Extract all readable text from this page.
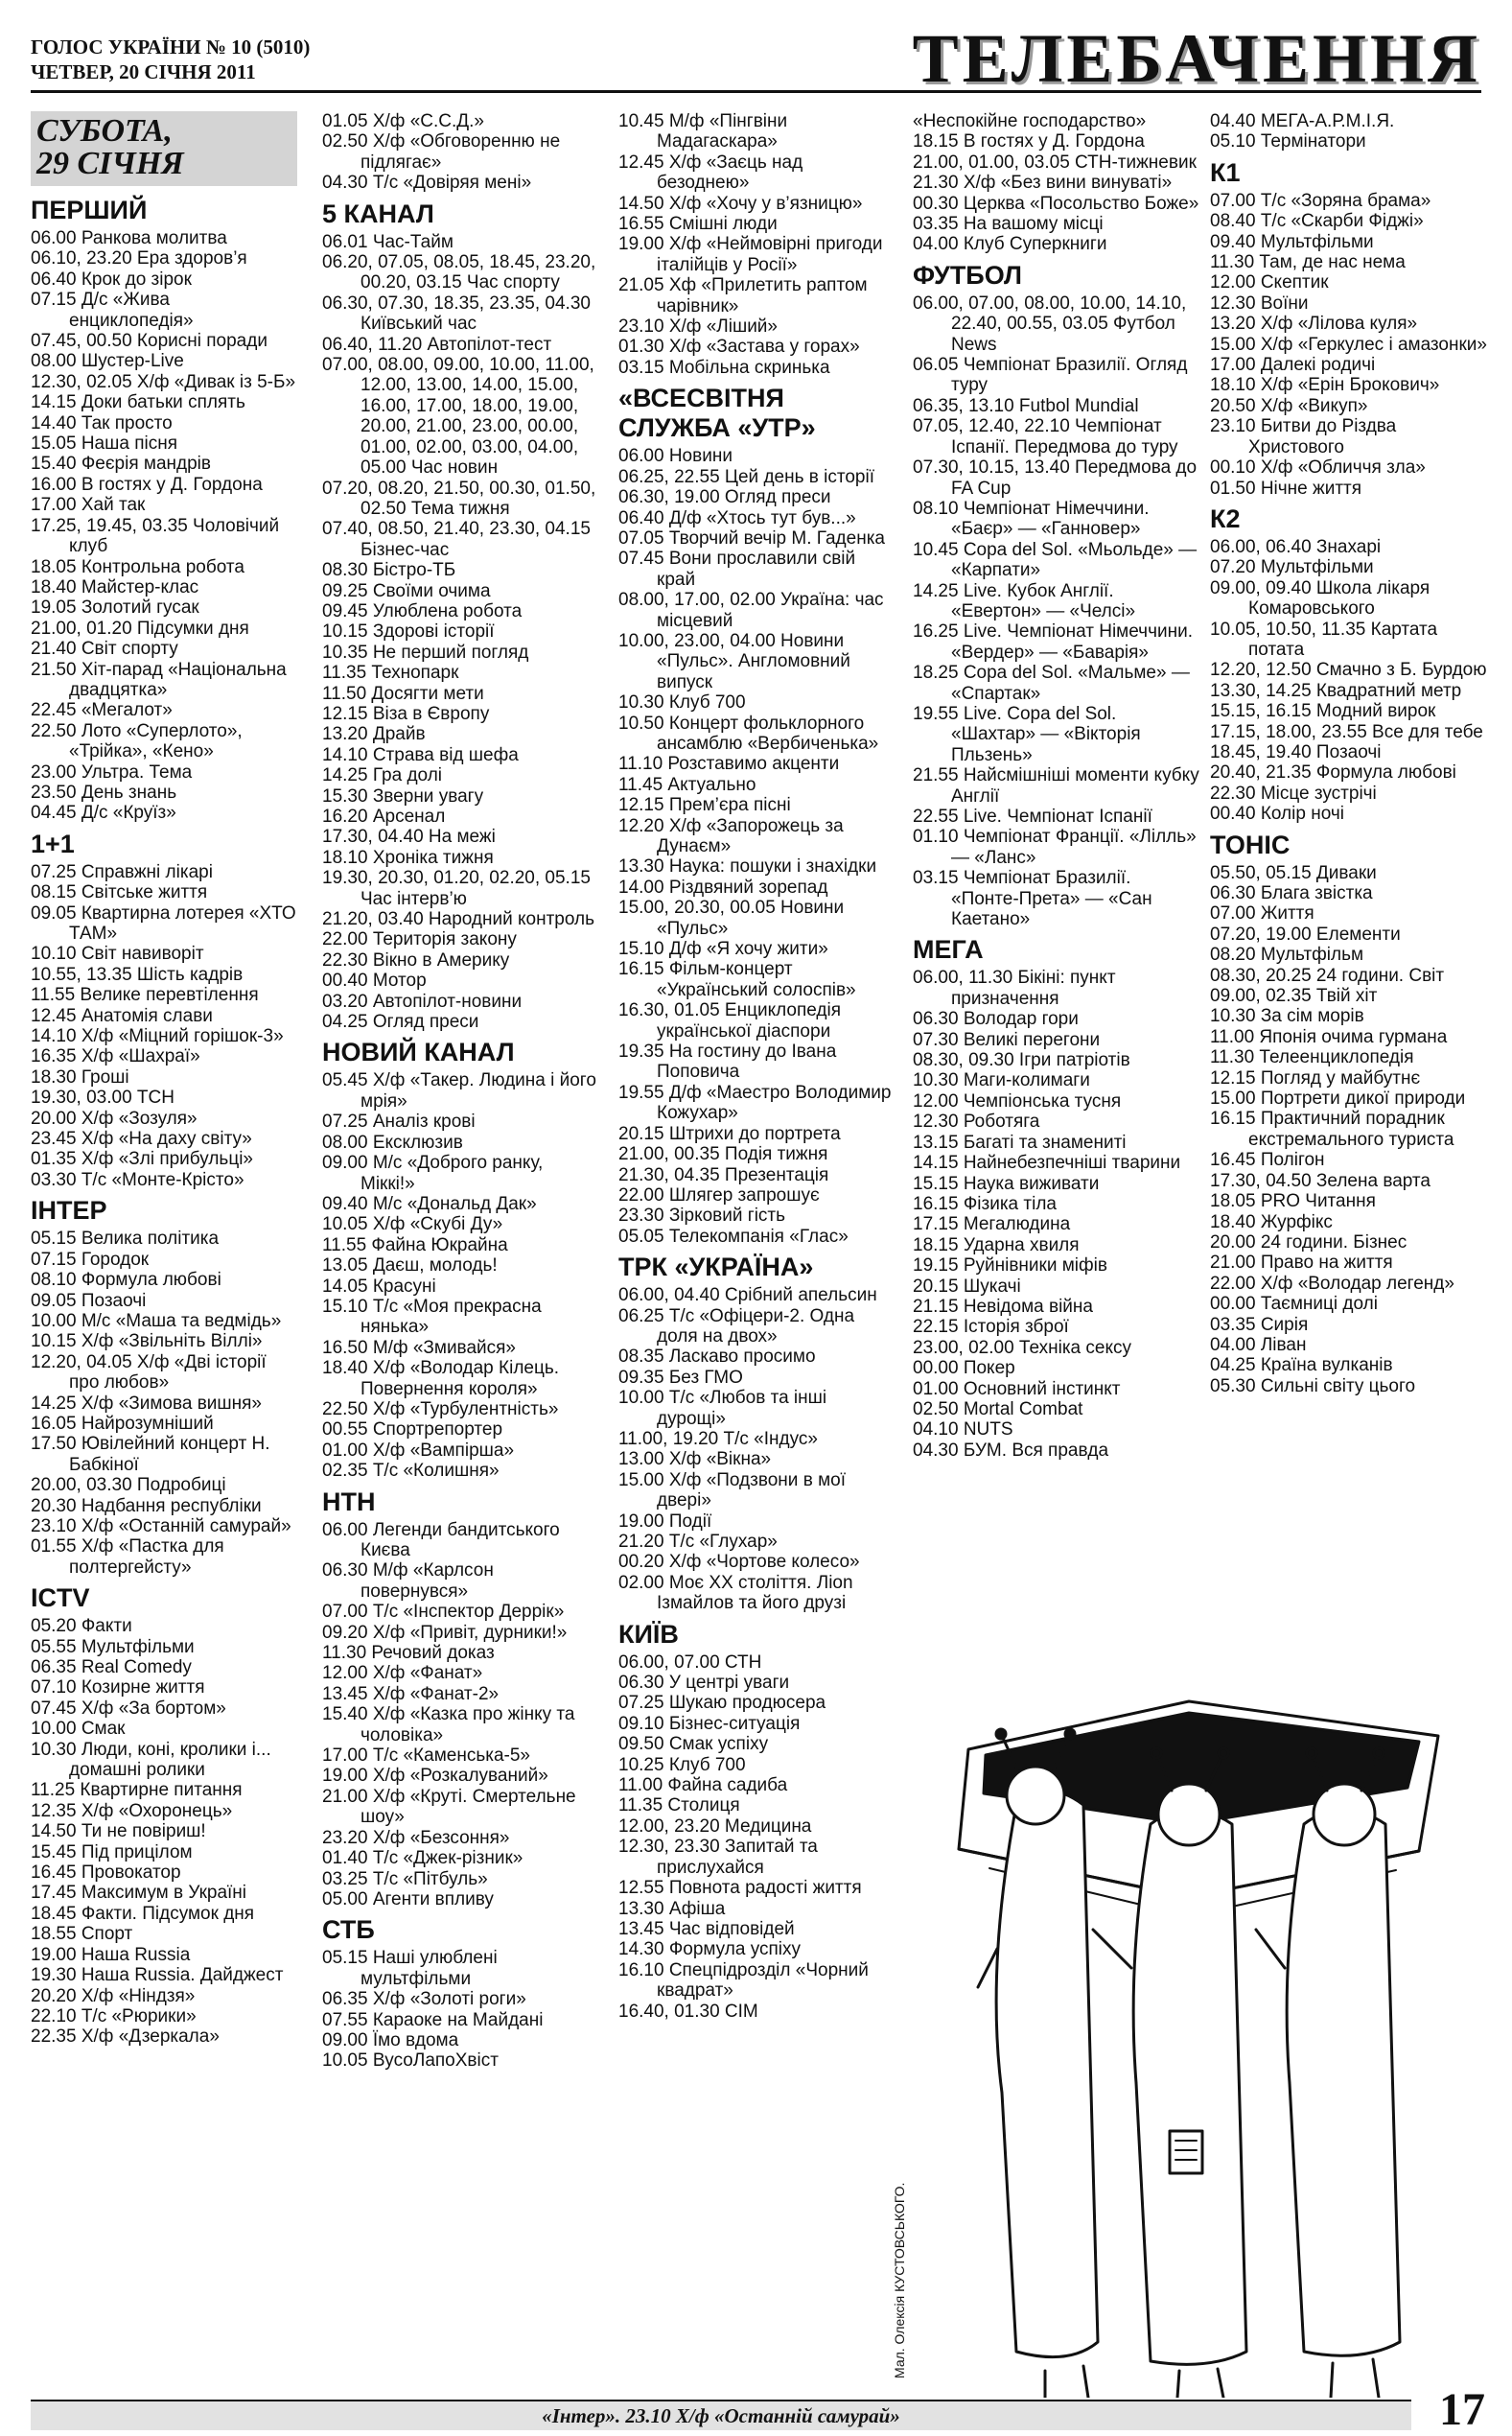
ГОЛОС УКРАЇНИ № 10 (5010)
ЧЕТВЕР, 20 СІЧНЯ 2011	ТЕЛЕБАЧЕННЯ
СУБОТА,
29 СІЧНЯ
ПЕРШИЙ
06.00 Ранкова молитва
06.10, 23.20 Ера здоров’я
06.40 Крок до зірок
07.15 Д/с «Жива енциклопедія»
07.45, 00.50 Корисні поради
08.00 Шустер-Live
12.30, 02.05 Х/ф «Дивак із 5-Б»
14.15 Доки батьки сплять
14.40 Так просто
15.05 Наша пісня
15.40 Феєрія мандрів
16.00 В гостях у Д. Гордона
17.00 Хай так
17.25, 19.45, 03.35 Чоловічий клуб
18.05 Контрольна робота
18.40 Майстер-клас
19.05 Золотий гусак
21.00, 01.20 Підсумки дня
21.40 Світ спорту
21.50 Хіт-парад «Національна двадцятка»
22.45 «Мегалот»
22.50 Лото «Суперлото», «Трійка», «Кено»
23.00 Ультра. Тема
23.50 День знань
04.45 Д/с «Круїз»
1+1
07.25 Справжні лікарі
08.15 Світське життя
09.05 Квартирна лотерея «ХТО ТАМ»
10.10 Світ навиворіт
10.55, 13.35 Шість кадрів
11.55 Велике перевтілення
12.45 Анатомія слави
14.10 Х/ф «Міцний горішок-3»
16.35 Х/ф «Шахраї»
18.30 Гроші
19.30, 03.00 ТСН
20.00 Х/ф «Зозуля»
23.45 Х/ф «На даху світу»
01.35 Х/ф «Злі прибульці»
03.30 Т/с «Монте-Крісто»
ІНТЕР
05.15 Велика політика
07.15 Городок
08.10 Формула любові
09.05 Позаочі
10.00 М/с «Маша та ведмідь»
10.15 Х/ф «Звільніть Віллі»
12.20, 04.05 Х/ф «Дві історії про любов»
14.25 Х/ф «Зимова вишня»
16.05 Найрозумніший
17.50 Ювілейний концерт Н. Бабкіної
20.00, 03.30 Подробиці
20.30 Надбання республіки
23.10 Х/ф «Останній самурай»
01.55 Х/ф «Пастка для полтергейсту»
ICTV
05.20 Факти
05.55 Мультфільми
06.35 Real Comedy
07.10 Козирне життя
07.45 Х/ф «За бортом»
10.00 Смак
10.30 Люди, коні, кролики і... домашні ролики
11.25 Квартирне питання
12.35 Х/ф «Охоронець»
14.50 Ти не повіриш!
15.45 Під прицілом
16.45 Провокатор
17.45 Максимум в Україні
18.45 Факти. Підсумок дня
18.55 Спорт
19.00 Наша Russia
19.30 Наша Russia. Дайджест
20.20 Х/ф «Ніндзя»
22.10 Т/с «Рюрики»
22.35 Х/ф «Дзеркала»
01.05 Х/ф «С.С.Д.»
02.50 Х/ф «Обговоренню не підлягає»
04.30 Т/с «Довіряя мені»
5 КАНАЛ
06.01 Час-Тайм
06.20, 07.05, 08.05, 18.45, 23.20, 00.20, 03.15 Час спорту
06.30, 07.30, 18.35, 23.35, 04.30 Київський час
06.40, 11.20 Автопілот-тест
07.00, 08.00, 09.00, 10.00, 11.00, 12.00, 13.00, 14.00, 15.00, 16.00, 17.00, 18.00, 19.00, 20.00, 21.00, 23.00, 00.00, 01.00, 02.00, 03.00, 04.00, 05.00 Час новин
07.20, 08.20, 21.50, 00.30, 01.50, 02.50 Тема тижня
07.40, 08.50, 21.40, 23.30, 04.15 Бізнес-час
08.30 Бістро-ТБ
09.25 Своїми очима
09.45 Улюблена робота
10.15 Здорові історії
10.35 Не перший погляд
11.35 Технопарк
11.50 Досягти мети
12.15 Віза в Європу
13.20 Драйв
14.10 Страва від шефа
14.25 Гра долі
15.30 Зверни увагу
16.20 Арсенал
17.30, 04.40 На межі
18.10 Хроніка тижня
19.30, 20.30, 01.20, 02.20, 05.15 Час інтерв’ю
21.20, 03.40 Народний контроль
22.00 Територія закону
22.30 Вікно в Америку
00.40 Мотор
03.20 Автопілот-новини
04.25 Огляд преси
НОВИЙ КАНАЛ
05.45 Х/ф «Такер. Людина і його мрія»
07.25 Аналіз крові
08.00 Ексклюзив
09.00 М/с «Доброго ранку, Міккі!»
09.40 М/с «Дональд Дак»
10.05 Х/ф «Скубі Ду»
11.55 Файна Юкрайна
13.05 Даєш, молодь!
14.05 Красуні
15.10 Т/с «Моя прекрасна нянька»
16.50 М/ф «Змивайся»
18.40 Х/ф «Володар Кілець. Повернення короля»
22.50 Х/ф «Турбулентність»
00.55 Спортрепортер
01.00 Х/ф «Вампірша»
02.35 Т/с «Колишня»
НТН
06.00 Легенди бандитського Києва
06.30 М/ф «Карлсон повернувся»
07.00 Т/с «Інспектор Деррік»
09.20 Х/ф «Привіт, дурники!»
11.30 Речовий доказ
12.00 Х/ф «Фанат»
13.45 Х/ф «Фанат-2»
15.40 Х/ф «Казка про жінку та чоловіка»
17.00 Т/с «Каменська-5»
19.00 Х/ф «Розкалуваний»
21.00 Х/ф «Круті. Смертельне шоу»
23.20 Х/ф «Безсоння»
01.40 Т/с «Джек-різник»
03.25 Т/с «Пітбуль»
05.00 Агенти впливу
СТБ
05.15 Наші улюблені мультфільми
06.35 Х/ф «Золоті роги»
07.55 Караоке на Майдані
09.00 Їмо вдома
10.05 ВусоЛапоХвіст
10.45 М/ф «Пінгвіни Мадагаскара»
12.45 Х/ф «Заєць над безоднею»
14.50 Х/ф «Хочу у в’язницю»
16.55 Смішні люди
19.00 Х/ф «Неймовірні пригоди італійців у Росії»
21.05 Хф «Прилетить раптом чарівник»
23.10 Х/ф «Ліший»
01.30 Х/ф «Застава у горах»
03.15 Мобільна скринька
«ВСЕСВІТНЯ СЛУЖБА «УТР»
06.00 Новини
06.25, 22.55 Цей день в історії
06.30, 19.00 Огляд преси
06.40 Д/ф «Хтось тут був...»
07.05 Творчий вечір М. Гаденка
07.45 Вони прославили свій край
08.00, 17.00, 02.00 Україна: час місцевий
10.00, 23.00, 04.00 Новини «Пульс». Англомовний випуск
10.30 Клуб 700
10.50 Концерт фольклорного ансамблю «Вербиченька»
11.10 Розставимо акценти
11.45 Актуально
12.15 Прем’єра пісні
12.20 Х/ф «Запорожець за Дунаєм»
13.30 Наука: пошуки і знахідки
14.00 Різдвяний зорепад
15.00, 20.30, 00.05 Новини «Пульс»
15.10 Д/ф «Я хочу жити»
16.15 Фільм-концерт «Український солоспів»
16.30, 01.05 Енциклопедія української діаспори
19.35 На гостину до Івана Поповича
19.55 Д/ф «Маестро Володимир Кожухар»
20.15 Штрихи до портрета
21.00, 00.35 Подія тижня
21.30, 04.35 Презентація
22.00 Шлягер запрошує
23.30 Зірковий гість
05.05 Телекомпанія «Глас»
ТРК «УКРАЇНА»
06.00, 04.40 Срібний апельсин
06.25 Т/с «Офіцери-2. Одна доля на двох»
08.35 Ласкаво просимо
09.35 Без ГМО
10.00 Т/с «Любов та інші дурощі»
11.00, 19.20 Т/с «Індус»
13.00 Х/ф «Вікна»
15.00 Х/ф «Подзвони в мої двері»
19.00 Події
21.20 Т/с «Глухар»
00.20 Х/ф «Чортове колесо»
02.00 Моє ХХ століття. Лion Ізмайлов та його друзі
КИЇВ
06.00, 07.00 СТН
06.30 У центрі уваги
07.25 Шукаю продюсера
09.10 Бізнес-ситуація
09.50 Смак успіху
10.25 Клуб 700
11.00 Файна садиба
11.35 Столиця
12.00, 23.20 Медицина
12.30, 23.30 Запитай та прислухайся
12.55 Повнота радості життя
13.30 Афіша
13.45 Час відповідей
14.30 Формула успіху
16.10 Спецпідрозділ «Чорний квадрат»
16.40, 01.30 СІМ
«Неспокійне господарство»
18.15 В гостях у Д. Гордона
21.00, 01.00, 03.05 СТН-тижневик
21.30 Х/ф «Без вини винуваті»
00.30 Церква «Посольство Боже»
03.35 На вашому місці
04.00 Клуб Суперкниги
ФУТБОЛ
06.00, 07.00, 08.00, 10.00, 14.10, 22.40, 00.55, 03.05 Футбол News
06.05 Чемпіонат Бразилії. Огляд туру
06.35, 13.10 Futbol Mundial
07.05, 12.40, 22.10 Чемпіонат Іспанії. Передмова до туру
07.30, 10.15, 13.40 Передмова до FA Cup
08.10 Чемпіонат Німеччини. «Баєр» — «Ганновер»
10.45 Copa del Sol. «Мьольде» — «Карпати»
14.25 Live. Кубок Англії. «Евертон» — «Челсі»
16.25 Live. Чемпіонат Німеччини. «Вердер» — «Баварія»
18.25 Copa del Sol. «Мальме» — «Спартак»
19.55 Live. Copa del Sol. «Шахтар» — «Вікторія Пльзень»
21.55 Найсмішніші моменти кубку Англії
22.55 Live. Чемпіонат Іспанії
01.10 Чемпіонат Франції. «Лілль» — «Ланс»
03.15 Чемпіонат Бразилії. «Понте-Прета» — «Сан Каетано»
МЕГА
06.00, 11.30 Бікіні: пункт призначення
06.30 Володар гори
07.30 Великі перегони
08.30, 09.30 Ігри патріотів
10.30 Маги-колимаги
12.00 Чемпіонська тусня
12.30 Роботяга
13.15 Багаті та знамениті
14.15 Найнебезпечніші тварини
15.15 Наука виживати
16.15 Фізика тіла
17.15 Мегалюдина
18.15 Ударна хвиля
19.15 Руйнівники міфів
20.15 Шукачі
21.15 Невідома війна
22.15 Історія зброї
23.00, 02.00 Техніка сексу
00.00 Покер
01.00 Основний інстинкт
02.50 Mortal Combat
04.10 NUTS
04.30 БУМ. Вся правда
04.40 МЕГА-А.Р.М.І.Я.
05.10 Термінатори
К1
07.00 Т/с «Зоряна брама»
08.40 Т/с «Скарби Фіджі»
09.40 Мультфільми
11.30 Там, де нас нема
12.00 Скептик
12.30 Воїни
13.20 Х/ф «Лілова куля»
15.00 Х/ф «Геркулес і амазонки»
17.00 Далекі родичі
18.10 Х/ф «Ерін Брокович»
20.50 Х/ф «Викуп»
23.10 Битви до Різдва Христового
00.10 Х/ф «Обличчя зла»
01.50 Нічне життя
К2
06.00, 06.40 Знахарі
07.20 Мультфільми
09.00, 09.40 Школа лікаря Комаровського
10.05, 10.50, 11.35 Картата потата
12.20, 12.50 Смачно з Б. Бурдою
13.30, 14.25 Квадратний метр
15.15, 16.15 Модний вирок
17.15, 18.00, 23.55 Все для тебе
18.45, 19.40 Позаочі
20.40, 21.35 Формула любові
22.30 Місце зустрічі
00.40 Колір ночі
ТОНІС
05.50, 05.15 Диваки
06.30 Блага звістка
07.00 Життя
07.20, 19.00 Елементи
08.20 Мультфільм
08.30, 20.25 24 години. Світ
09.00, 02.35 Твій хіт
10.30 За сім морів
11.00 Японія очима гурмана
11.30 Телеенциклопедія
12.15 Погляд у майбутнє
15.00 Портрети дикої природи
16.15 Практичний порадник екстремального туриста
16.45 Полігон
17.30, 04.50 Зелена варта
18.05 PRO Читання
18.40 Журфікс
20.00 24 години. Бізнес
21.00 Право на життя
22.00 Х/ф «Володар легенд»
00.00 Таємниці долі
03.35 Сирія
04.00 Ліван
04.25 Країна вулканів
05.30 Сильні світу цього
Мал. Олексія КУСТОВСЬКОГО.
«Інтер». 23.10 Х/ф «Останній самурай»	17
